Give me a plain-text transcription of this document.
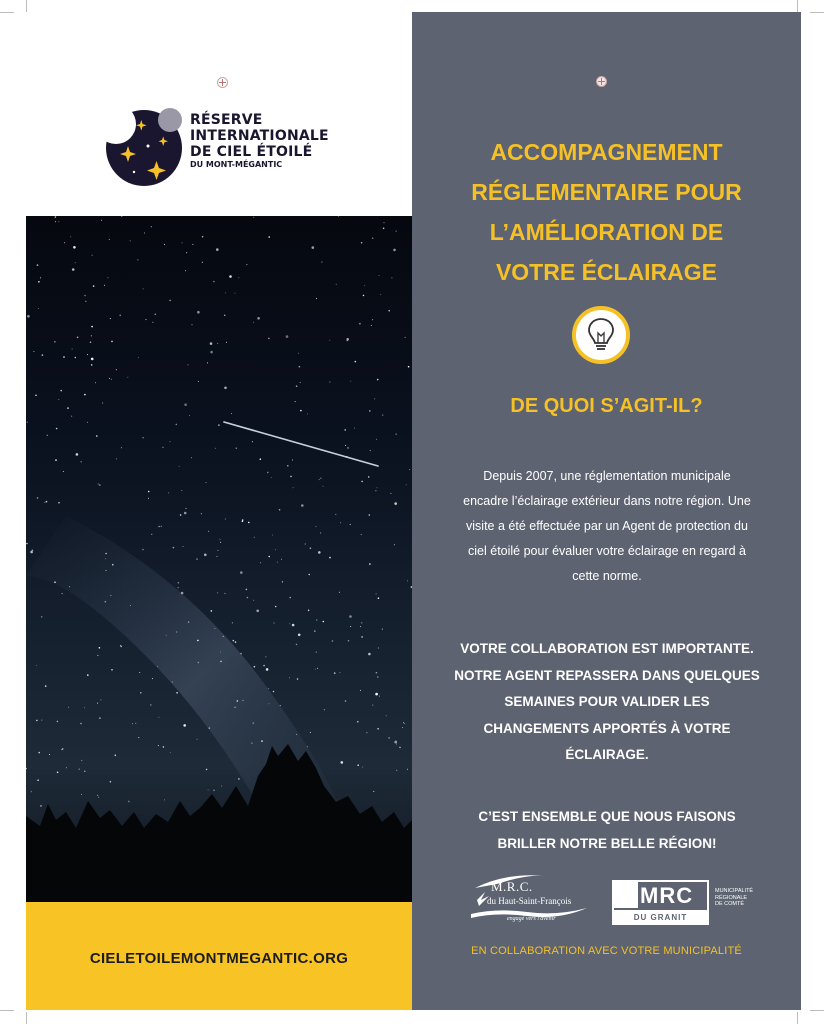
RÉSERVE
INTERNATIONALE
DE CIEL ÉTOILÉ
DU MONT-MÉGANTIC
CIELETOILEMONTMEGANTIC.ORG
ACCOMPAGNEMENT
RÉGLEMENTAIRE POUR
L’AMÉLIORATION DE
VOTRE ÉCLAIRAGE
DE QUOI S’AGIT-IL?
Depuis 2007, une réglementation municipale
encadre l’éclairage extérieur dans notre région. Une
visite a été effectuée par un Agent de protection du
ciel étoilé pour évaluer votre éclairage en regard à
cette norme.
VOTRE COLLABORATION EST IMPORTANTE.
NOTRE AGENT REPASSERA DANS QUELQUES
SEMAINES POUR VALIDER LES
CHANGEMENTS APPORTÉS À VOTRE
ÉCLAIRAGE.
C’EST ENSEMBLE QUE NOUS FAISONS
BRILLER NOTRE BELLE RÉGION!
M.R.C.
du Haut-Saint-François
engagé vers l'avenir
MRC
DU GRANIT
MUNICIPALITÉ
RÉGIONALE
DE COMTÉ
EN COLLABORATION AVEC VOTRE MUNICIPALITÉ
